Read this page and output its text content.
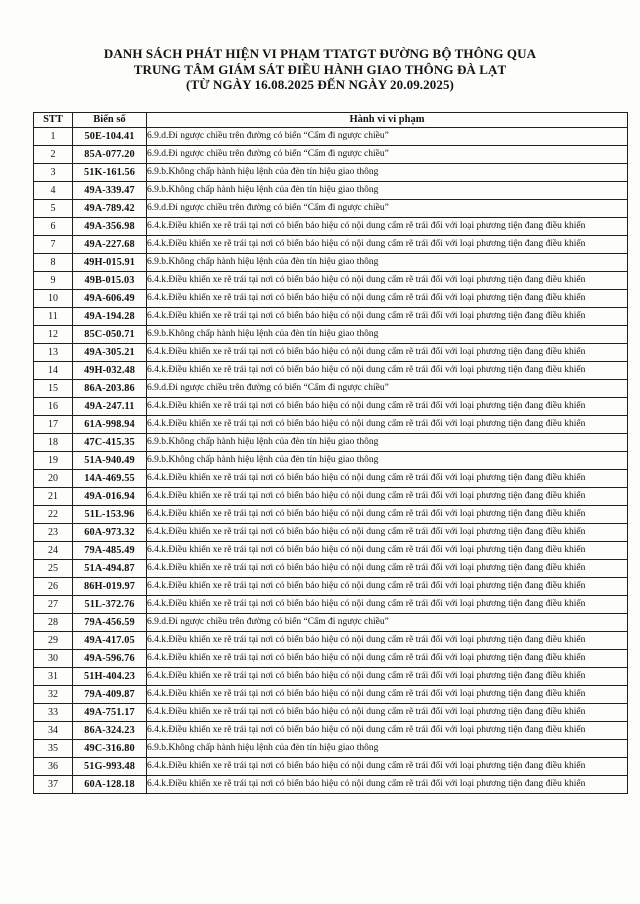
DANH SÁCH PHÁT HIỆN VI PHẠM TTATGT ĐƯỜNG BỘ THÔNG QUA
TRUNG TÂM GIÁM SÁT ĐIỀU HÀNH GIAO THÔNG ĐÀ LẠT
(TỪ NGÀY 16.08.2025 ĐẾN NGÀY 20.09.2025)
STT	Biển số	Hành vi vi phạm
1	50E-104.41	6.9.d.Đi ngược chiều trên đường có biển “Cấm đi ngược chiều”
2	85A-077.20	6.9.d.Đi ngược chiều trên đường có biển “Cấm đi ngược chiều”
3	51K-161.56	6.9.b.Không chấp hành hiệu lệnh của đèn tín hiệu giao thông
4	49A-339.47	6.9.b.Không chấp hành hiệu lệnh của đèn tín hiệu giao thông
5	49A-789.42	6.9.d.Đi ngược chiều trên đường có biển “Cấm đi ngược chiều”
6	49A-356.98	6.4.k.Điều khiển xe rẽ trái tại nơi có biển báo hiệu có nội dung cấm rẽ trái đối với loại phương tiện đang điều khiển
7	49A-227.68	6.4.k.Điều khiển xe rẽ trái tại nơi có biển báo hiệu có nội dung cấm rẽ trái đối với loại phương tiện đang điều khiển
8	49H-015.91	6.9.b.Không chấp hành hiệu lệnh của đèn tín hiệu giao thông
9	49B-015.03	6.4.k.Điều khiển xe rẽ trái tại nơi có biển báo hiệu có nội dung cấm rẽ trái đối với loại phương tiện đang điều khiển
10	49A-606.49	6.4.k.Điều khiển xe rẽ trái tại nơi có biển báo hiệu có nội dung cấm rẽ trái đối với loại phương tiện đang điều khiển
11	49A-194.28	6.4.k.Điều khiển xe rẽ trái tại nơi có biển báo hiệu có nội dung cấm rẽ trái đối với loại phương tiện đang điều khiển
12	85C-050.71	6.9.b.Không chấp hành hiệu lệnh của đèn tín hiệu giao thông
13	49A-305.21	6.4.k.Điều khiển xe rẽ trái tại nơi có biển báo hiệu có nội dung cấm rẽ trái đối với loại phương tiện đang điều khiển
14	49H-032.48	6.4.k.Điều khiển xe rẽ trái tại nơi có biển báo hiệu có nội dung cấm rẽ trái đối với loại phương tiện đang điều khiển
15	86A-203.86	6.9.d.Đi ngược chiều trên đường có biển “Cấm đi ngược chiều”
16	49A-247.11	6.4.k.Điều khiển xe rẽ trái tại nơi có biển báo hiệu có nội dung cấm rẽ trái đối với loại phương tiện đang điều khiển
17	61A-998.94	6.4.k.Điều khiển xe rẽ trái tại nơi có biển báo hiệu có nội dung cấm rẽ trái đối với loại phương tiện đang điều khiển
18	47C-415.35	6.9.b.Không chấp hành hiệu lệnh của đèn tín hiệu giao thông
19	51A-940.49	6.9.b.Không chấp hành hiệu lệnh của đèn tín hiệu giao thông
20	14A-469.55	6.4.k.Điều khiển xe rẽ trái tại nơi có biển báo hiệu có nội dung cấm rẽ trái đối với loại phương tiện đang điều khiển
21	49A-016.94	6.4.k.Điều khiển xe rẽ trái tại nơi có biển báo hiệu có nội dung cấm rẽ trái đối với loại phương tiện đang điều khiển
22	51L-153.96	6.4.k.Điều khiển xe rẽ trái tại nơi có biển báo hiệu có nội dung cấm rẽ trái đối với loại phương tiện đang điều khiển
23	60A-973.32	6.4.k.Điều khiển xe rẽ trái tại nơi có biển báo hiệu có nội dung cấm rẽ trái đối với loại phương tiện đang điều khiển
24	79A-485.49	6.4.k.Điều khiển xe rẽ trái tại nơi có biển báo hiệu có nội dung cấm rẽ trái đối với loại phương tiện đang điều khiển
25	51A-494.87	6.4.k.Điều khiển xe rẽ trái tại nơi có biển báo hiệu có nội dung cấm rẽ trái đối với loại phương tiện đang điều khiển
26	86H-019.97	6.4.k.Điều khiển xe rẽ trái tại nơi có biển báo hiệu có nội dung cấm rẽ trái đối với loại phương tiện đang điều khiển
27	51L-372.76	6.4.k.Điều khiển xe rẽ trái tại nơi có biển báo hiệu có nội dung cấm rẽ trái đối với loại phương tiện đang điều khiển
28	79A-456.59	6.9.d.Đi ngược chiều trên đường có biển “Cấm đi ngược chiều”
29	49A-417.05	6.4.k.Điều khiển xe rẽ trái tại nơi có biển báo hiệu có nội dung cấm rẽ trái đối với loại phương tiện đang điều khiển
30	49A-596.76	6.4.k.Điều khiển xe rẽ trái tại nơi có biển báo hiệu có nội dung cấm rẽ trái đối với loại phương tiện đang điều khiển
31	51H-404.23	6.4.k.Điều khiển xe rẽ trái tại nơi có biển báo hiệu có nội dung cấm rẽ trái đối với loại phương tiện đang điều khiển
32	79A-409.87	6.4.k.Điều khiển xe rẽ trái tại nơi có biển báo hiệu có nội dung cấm rẽ trái đối với loại phương tiện đang điều khiển
33	49A-751.17	6.4.k.Điều khiển xe rẽ trái tại nơi có biển báo hiệu có nội dung cấm rẽ trái đối với loại phương tiện đang điều khiển
34	86A-324.23	6.4.k.Điều khiển xe rẽ trái tại nơi có biển báo hiệu có nội dung cấm rẽ trái đối với loại phương tiện đang điều khiển
35	49C-316.80	6.9.b.Không chấp hành hiệu lệnh của đèn tín hiệu giao thông
36	51G-993.48	6.4.k.Điều khiển xe rẽ trái tại nơi có biển báo hiệu có nội dung cấm rẽ trái đối với loại phương tiện đang điều khiển
37	60A-128.18	6.4.k.Điều khiển xe rẽ trái tại nơi có biển báo hiệu có nội dung cấm rẽ trái đối với loại phương tiện đang điều khiển
